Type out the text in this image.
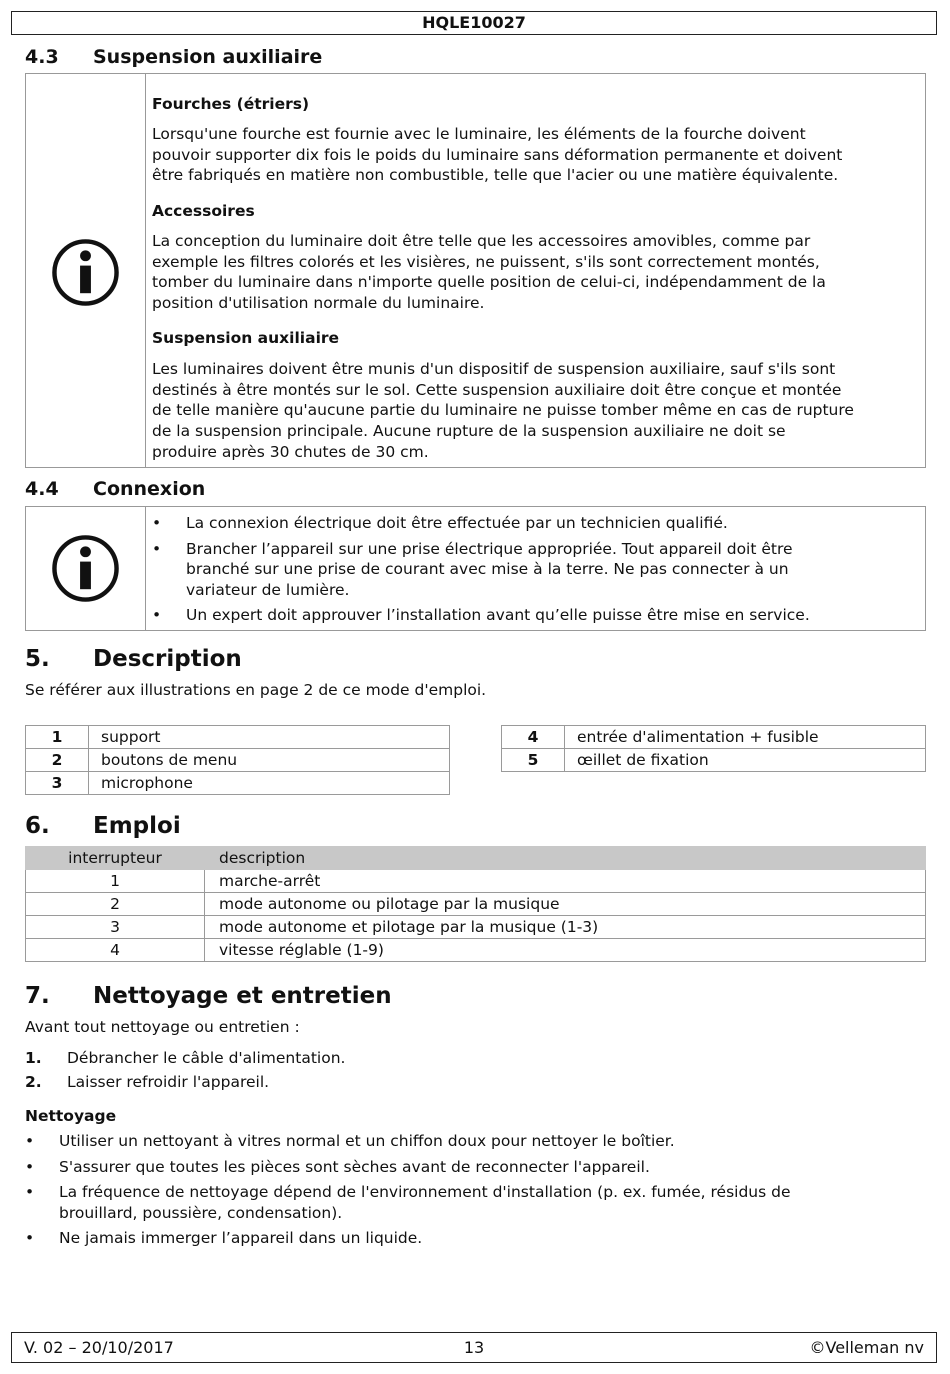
HQLE10027
4.3 Suspension auxiliaire
Fourches (étriers)
Lorsqu'une fourche est fournie avec le luminaire, les éléments de la fourche doivent
pouvoir supporter dix fois le poids du luminaire sans déformation permanente et doivent
être fabriqués en matière non combustible, telle que l'acier ou une matière équivalente.
Accessoires
La conception du luminaire doit être telle que les accessoires amovibles, comme par
exemple les filtres colorés et les visières, ne puissent, s'ils sont correctement montés,
tomber du luminaire dans n'importe quelle position de celui-ci, indépendamment de la
position d'utilisation normale du luminaire.
Suspension auxiliaire
Les luminaires doivent être munis d'un dispositif de suspension auxiliaire, sauf s'ils sont
destinés à être montés sur le sol. Cette suspension auxiliaire doit être conçue et montée
de telle manière qu'aucune partie du luminaire ne puisse tomber même en cas de rupture
de la suspension principale. Aucune rupture de la suspension auxiliaire ne doit se
produire après 30 chutes de 30 cm.
4.4 Connexion
• La connexion électrique doit être effectuée par un technicien qualifié.
• Brancher l’appareil sur une prise électrique appropriée. Tout appareil doit être
branché sur une prise de courant avec mise à la terre. Ne pas connecter à un
variateur de lumière.
• Un expert doit approuver l’installation avant qu’elle puisse être mise en service.
5. Description
Se référer aux illustrations en page 2 de ce mode d'emploi.
1	support
2	boutons de menu
3	microphone
4	entrée d'alimentation + fusible
5	œillet de fixation
6. Emploi
interrupteur	description
1	marche-arrêt
2	mode autonome ou pilotage par la musique
3	mode autonome et pilotage par la musique (1-3)
4	vitesse réglable (1-9)
7. Nettoyage et entretien
Avant tout nettoyage ou entretien :
1. Débrancher le câble d'alimentation.
2. Laisser refroidir l'appareil.
Nettoyage
• Utiliser un nettoyant à vitres normal et un chiffon doux pour nettoyer le boîtier.
• S'assurer que toutes les pièces sont sèches avant de reconnecter l'appareil.
• La fréquence de nettoyage dépend de l'environnement d'installation (p. ex. fumée, résidus de
brouillard, poussière, condensation).
• Ne jamais immerger l’appareil dans un liquide.
V. 02 – 20/10/2017	13	©Velleman nv
